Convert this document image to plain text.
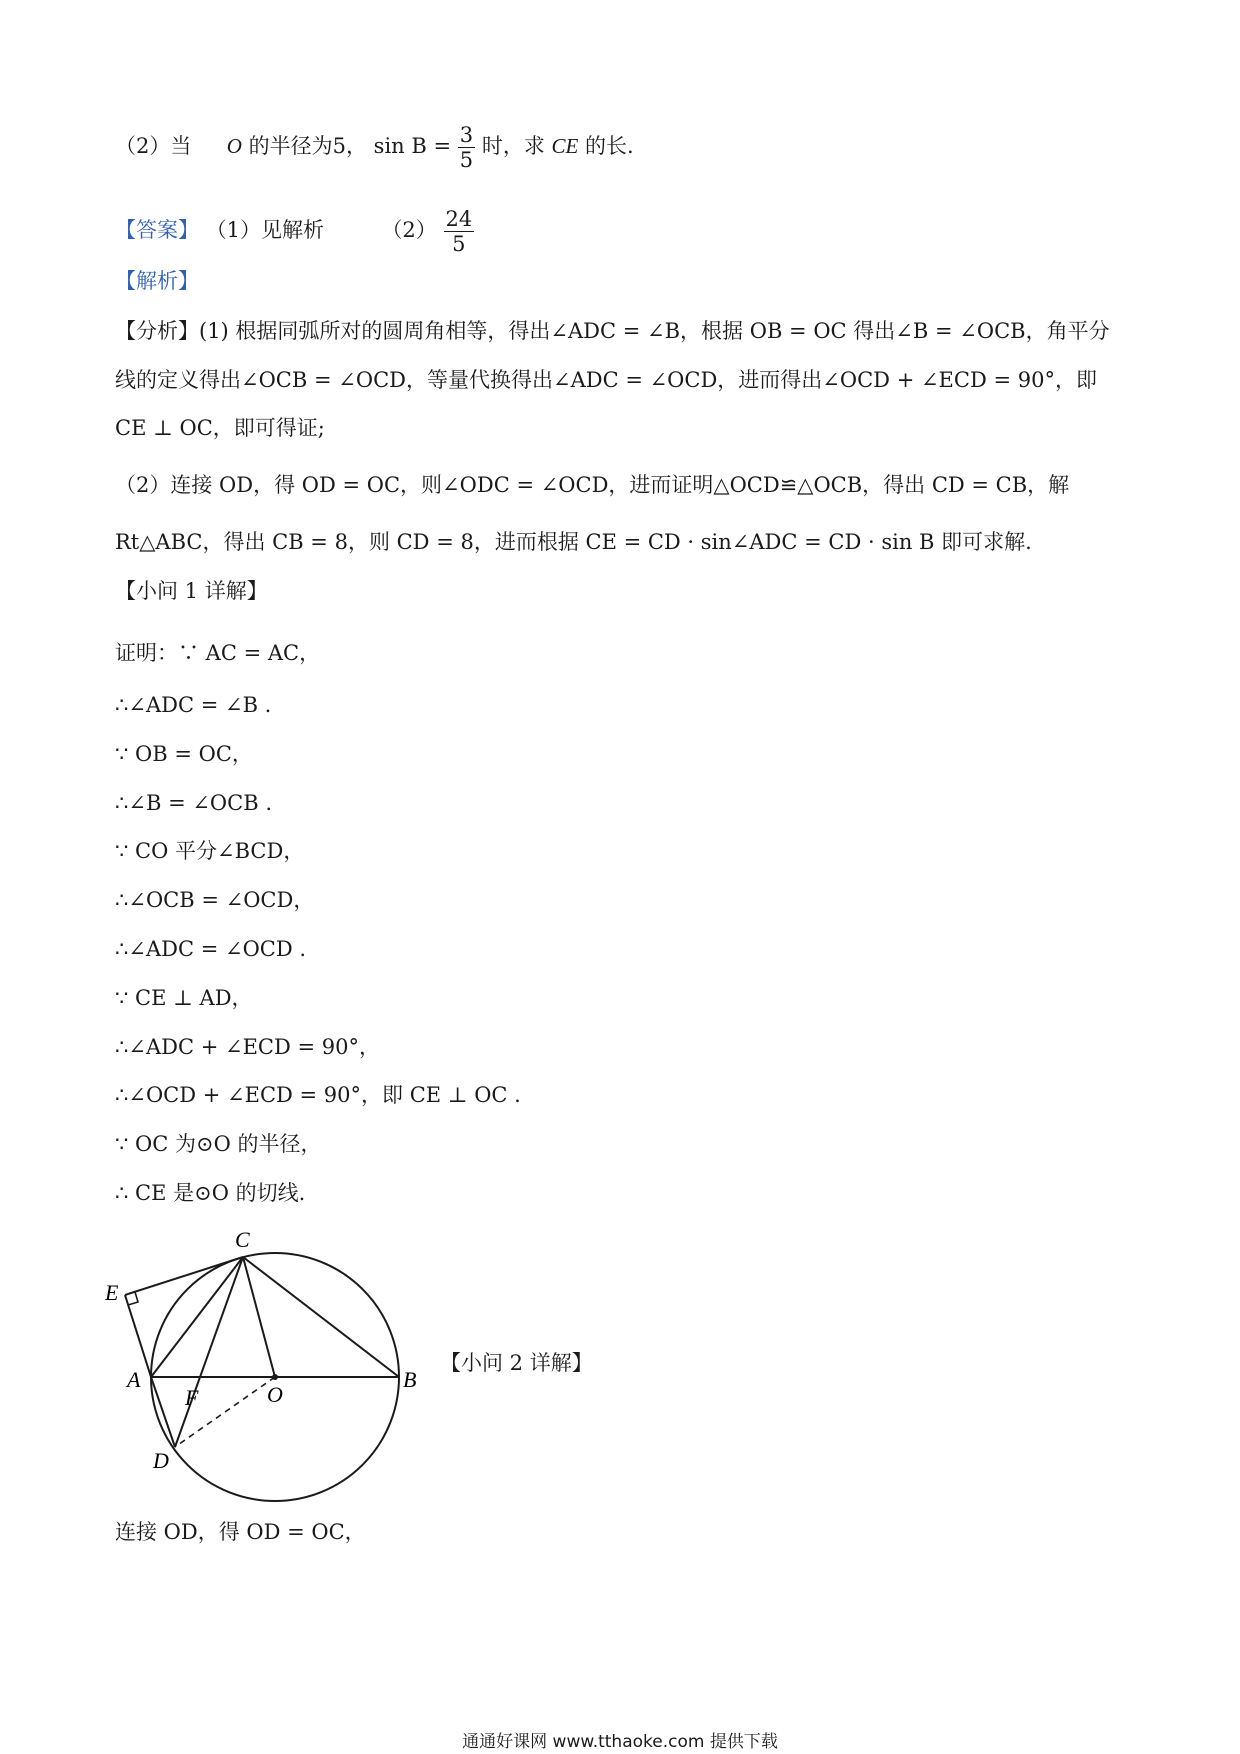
（2）当 O 的半径为5， $\sin B = \frac{3}{5}$ 时，求 CE 的长.
【答案】 （1）见解析	$(2) \frac{24}{5}$
【解析】
【分析】(1) 根据同弧所对的圆周角相等，得出∠ADC = ∠B，根据 OB = OC 得出∠B = ∠OCB，角平分
线的定义得出∠OCB = ∠OCD，等量代换得出∠ADC = ∠OCD，进而得出∠OCD + ∠ECD = 90°，即
CE ⊥ OC，即可得证;
（2）连接 OD，得 OD = OC，则∠ODC = ∠OCD，进而证明△OCD≌△OCB，得出 CD = CB，解
Rt△ABC，得出 CB = 8，则 CD = 8，进而根据 CE = CD · sin∠ADC = CD · sin B 即可求解.
【小问 1 详解】
证明：∵ AC = AC，
∴∠ADC = ∠B .
∵ OB = OC，
∴∠B = ∠OCB .
∵ CO 平分∠BCD，
∴∠OCB = ∠OCD，
∴∠ADC = ∠OCD .
∵ CE ⊥ AD，
∴∠ADC + ∠ECD = 90°，
∴∠OCD + ∠ECD = 90°，即 CE ⊥ OC .
∵ OC 为⊙O 的半径，
∴ CE 是⊙O 的切线.
C
E
A
F	O
B
D
【小问 2 详解】
连接 OD，得 OD = OC，
通通好课网 www.tthaoke.com 提供下载
